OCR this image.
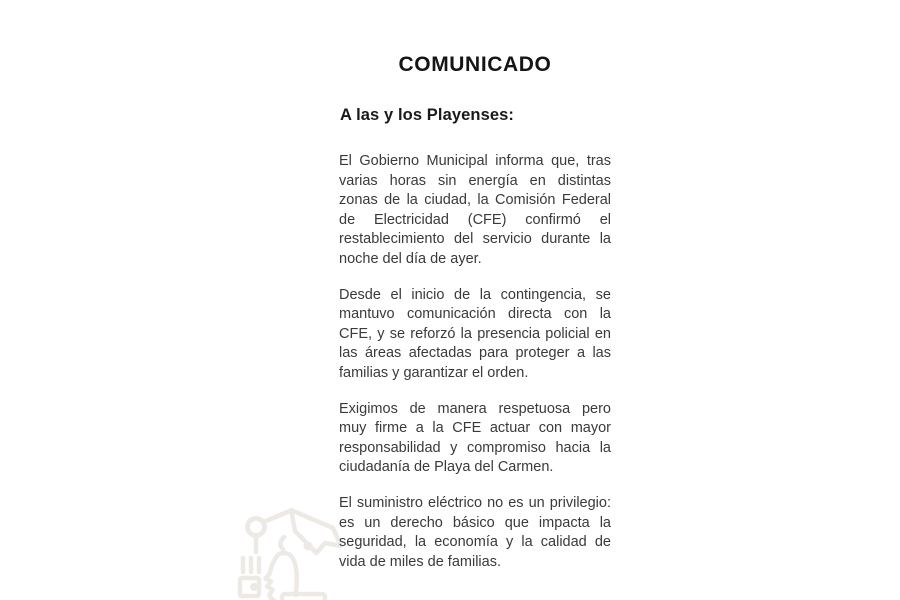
COMUNICADO
A las y los Playenses:

El Gobierno Municipal informa que, tras varias horas sin energía en distintas zonas de la ciudad, la Comisión Federal de Electricidad (CFE) confirmó el restablecimiento del servicio durante la noche del día de ayer.

Desde el inicio de la contingencia, se mantuvo comunicación directa con la CFE, y se reforzó la presencia policial en las áreas afectadas para proteger a las familias y garantizar el orden.

Exigimos de manera respetuosa pero muy firme a la CFE actuar con mayor responsabilidad y compromiso hacia la ciudadanía de Playa del Carmen.

El suministro eléctrico no es un privilegio: es un derecho básico que impacta la seguridad, la economía y la calidad de vida de miles de familias.
